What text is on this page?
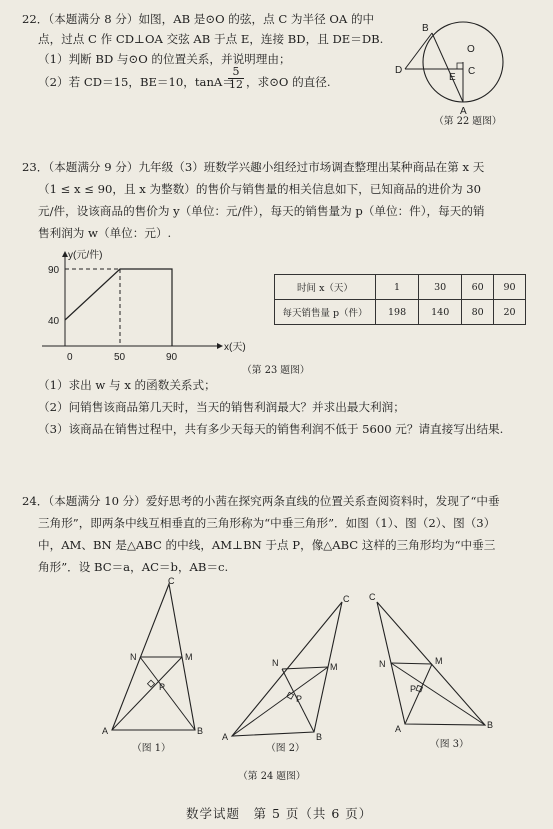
22．（本题满分 8 分）如图，AB 是⊙O 的弦，点 C 为半径 OA 的中
点，过点 C 作 CD⊥OA 交弦 AB 于点 E，连接 BD，且 DE＝DB.
（1）判断 BD 与⊙O 的位置关系，并说明理由；
（2）若 CD＝15，BE＝10，tanA＝
$\frac{5}{12}$ ，求⊙O 的直径.
B
O
D
E
C
A
（第 22 题图）
23．（本题满分 9 分）九年级（3）班数学兴趣小组经过市场调查整理出某种商品在第 x 天
（1 ≤ x ≤ 90，且 x 为整数）的售价与销售量的相关信息如下，已知商品的进价为 30
元/件，设该商品的售价为 y（单位：元/件），每天的销售量为 p（单位：件），每天的销
售利润为 w（单位：元）.
y(元/件)
x(天)
90
40
0	50	90
（第 23 题图）
时间 x（天）	1	30	60	90
每天销售量 p（件）	198	140	80	20
（1）求出 w 与 x 的函数关系式；
（2）问销售该商品第几天时，当天的销售利润最大？并求出最大利润；
（3）该商品在销售过程中，共有多少天每天的销售利润不低于 5600 元？请直接写出结果.
24．（本题满分 10 分）爱好思考的小茜在探究两条直线的位置关系查阅资料时，发现了“中垂
三角形”，即两条中线互相垂直的三角形称为“中垂三角形”．如图（1）、图（2）、图（3）
中，AM、BN 是△ABC 的中线，AM⊥BN 于点 P，像△ABC 这样的三角形均为“中垂三
角形”．设 BC＝a，AC＝b，AB＝c.
C
N	M
P
A	B
（图 1）
C
N	M
P
A	B
（图 2）
C
N	M
P
A	B
（图 3）
（第 24 题图）
数学试题　第 5 页（共 6 页）
